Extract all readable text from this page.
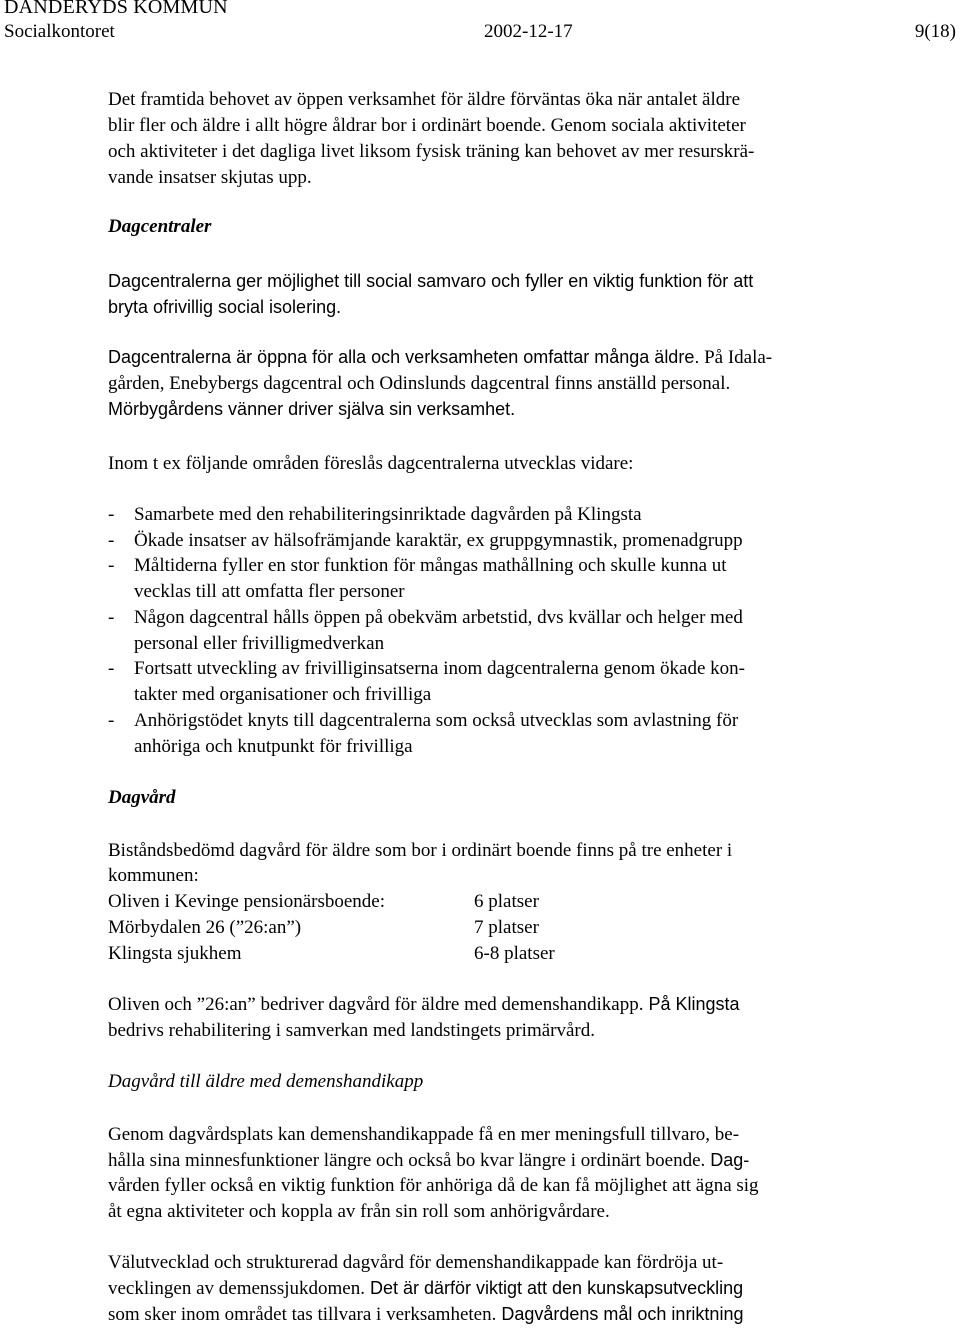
DANDERYDS KOMMUN
Socialkontoret	2002-12-17	9(18)
Det framtida behovet av öppen verksamhet för äldre förväntas öka när antalet äldre
blir fler och äldre i allt högre åldrar bor i ordinärt boende. Genom sociala aktiviteter
och aktiviteter i det dagliga livet liksom fysisk träning kan behovet av mer resurskrä-
vande insatser skjutas upp.
Dagcentraler
Dagcentralerna ger möjlighet till social samvaro och fyller en viktig funktion för att
bryta ofrivillig social isolering.
Dagcentralerna är öppna för alla och verksamheten omfattar många äldre. På Idala-
gården, Enebybergs dagcentral och Odinslunds dagcentral finns anställd personal.
Mörbygårdens vänner driver själva sin verksamhet.
Inom t ex följande områden föreslås dagcentralerna utvecklas vidare:
- Samarbete med den rehabiliteringsinriktade dagvården på Klingsta
- Ökade insatser av hälsofrämjande karaktär, ex gruppgymnastik, promenadgrupp
- Måltiderna fyller en stor funktion för mångas mathållning och skulle kunna ut
vecklas till att omfatta fler personer
- Någon dagcentral hålls öppen på obekväm arbetstid, dvs kvällar och helger med
personal eller frivilligmedverkan
- Fortsatt utveckling av frivilliginsatserna inom dagcentralerna genom ökade kon-
takter med organisationer och frivilliga
- Anhörigstödet knyts till dagcentralerna som också utvecklas som avlastning för
anhöriga och knutpunkt för frivilliga
Dagvård
Biståndsbedömd dagvård för äldre som bor i ordinärt boende finns på tre enheter i
kommunen:
Oliven i Kevinge pensionärsboende:	6 platser
Mörbydalen 26 (”26:an”)	7 platser
Klingsta sjukhem	6-8 platser
Oliven och ”26:an” bedriver dagvård för äldre med demenshandikapp. På Klingsta
bedrivs rehabilitering i samverkan med landstingets primärvård.
Dagvård till äldre med demenshandikapp
Genom dagvårdsplats kan demenshandikappade få en mer meningsfull tillvaro, be-
hålla sina minnesfunktioner längre och också bo kvar längre i ordinärt boende. Dag-
vården fyller också en viktig funktion för anhöriga då de kan få möjlighet att ägna sig
åt egna aktiviteter och koppla av från sin roll som anhörigvårdare.
Välutvecklad och strukturerad dagvård för demenshandikappade kan fördröja ut-
vecklingen av demenssjukdomen. Det är därför viktigt att den kunskapsutveckling
som sker inom området tas tillvara i verksamheten. Dagvårdens mål och inriktning
